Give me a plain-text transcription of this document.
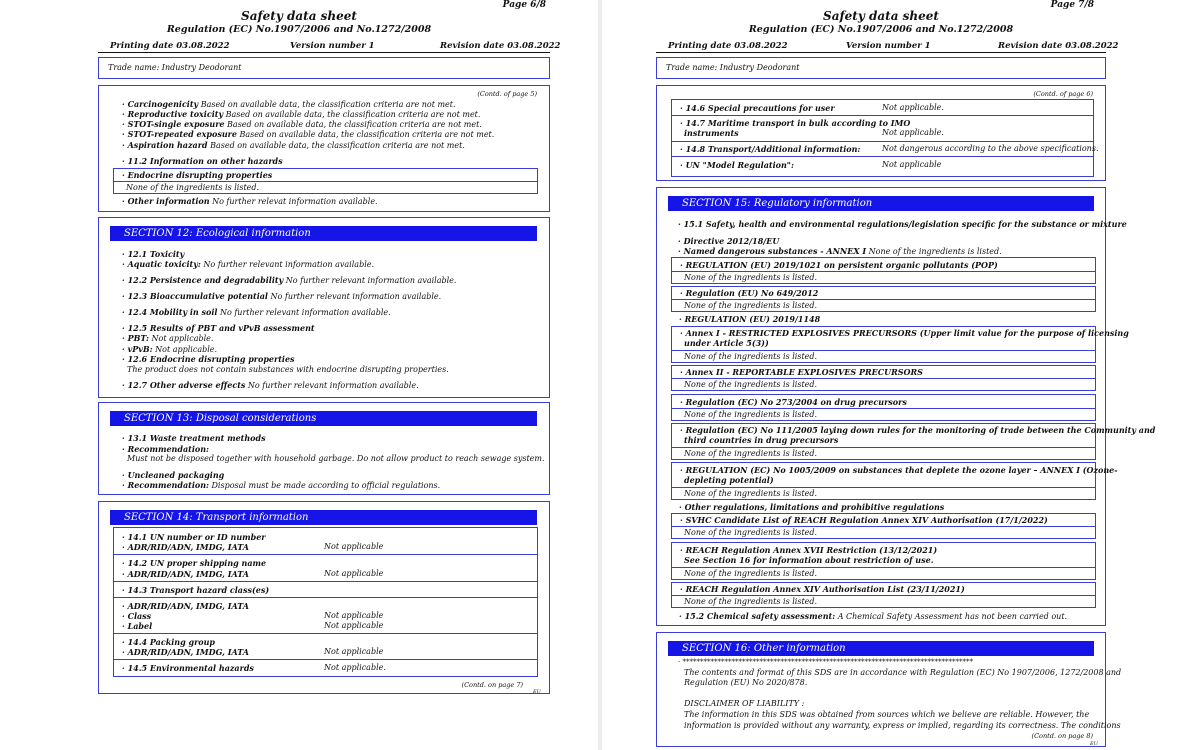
Page 6/8
Safety data sheet
Regulation (EC) No.1907/2006 and No.1272/2008
Printing date 03.08.2022	Version number 1	Revision date 03.08.2022
Trade name: Industry Deodorant
(Contd. of page 5)
· Carcinogenicity Based on available data, the classification criteria are not met.
· Reproductive toxicity Based on available data, the classification criteria are not met.
· STOT-single exposure Based on available data, the classification criteria are not met.
· STOT-repeated exposure Based on available data, the classification criteria are not met.
· Aspiration hazard Based on available data, the classification criteria are not met.
· 11.2 Information on other hazards
· Endocrine disrupting properties
None of the ingredients is listed.
· Other information No further relevat information available.
SECTION 12: Ecological information
· 12.1 Toxicity
· Aquatic toxicity: No further relevant information available.
· 12.2 Persistence and degradability No further relevant information available.
· 12.3 Bioaccumulative potential No further relevant information available.
· 12.4 Mobility in soil No further relevant information available.
· 12.5 Results of PBT and vPvB assessment
· PBT: Not applicable.
· vPvB: Not applicable.
· 12.6 Endocrine disrupting properties
The product does not contain substances with endocrine disrupting properties.
· 12.7 Other adverse effects No further relevant information available.
SECTION 13: Disposal considerations
· 13.1 Waste treatment methods
· Recommendation:
Must not be disposed together with household garbage. Do not allow product to reach sewage system.
· Uncleaned packaging
· Recommendation: Disposal must be made according to official regulations.
SECTION 14: Transport information
· 14.1 UN number or ID number
· ADR/RID/ADN, IMDG, IATA	Not applicable
· 14.2 UN proper shipping name
· ADR/RID/ADN, IMDG, IATA	Not applicable
· 14.3 Transport hazard class(es)
· ADR/RID/ADN, IMDG, IATA
· Class	Not applicable
· Label	Not applicable
· 14.4 Packing group
· ADR/RID/ADN, IMDG, IATA	Not applicable
· 14.5 Environmental hazards	Not applicable.
(Contd. on page 7)
EU
Page 7/8
Safety data sheet
Regulation (EC) No.1907/2006 and No.1272/2008
Printing date 03.08.2022	Version number 1	Revision date 03.08.2022
Trade name: Industry Deodorant
(Contd. of page 6)
· 14.6 Special precautions for user	Not applicable.
· 14.7 Maritime transport in bulk according to IMO
instruments	Not applicable.
· 14.8 Transport/Additional information:	Not dangerous according to the above specifications.
· UN "Model Regulation":	Not applicable
SECTION 15: Regulatory information
· 15.1 Safety, health and environmental regulations/legislation specific for the substance or mixture
· Directive 2012/18/EU
· Named dangerous substances - ANNEX I None of the ingredients is listed.
· REGULATION (EU) 2019/1021 on persistent organic pollutants (POP)
None of the ingredients is listed.
· Regulation (EU) No 649/2012
None of the ingredients is listed.
· REGULATION (EU) 2019/1148
· Annex I - RESTRICTED EXPLOSIVES PRECURSORS (Upper limit value for the purpose of licensing
under Article 5(3))
None of the ingredients is listed.
· Annex II - REPORTABLE EXPLOSIVES PRECURSORS
None of the ingredients is listed.
· Regulation (EC) No 273/2004 on drug precursors
None of the ingredients is listed.
· Regulation (EC) No 111/2005 laying down rules for the monitoring of trade between the Community and
third countries in drug precursors
None of the ingredients is listed.
· REGULATION (EC) No 1005/2009 on substances that deplete the ozone layer – ANNEX I (Ozone-
depleting potential)
None of the ingredients is listed.
· Other regulations, limitations and prohibitive regulations
· SVHC Candidate List of REACH Regulation Annex XIV Authorisation (17/1/2022)
None of the ingredients is listed.
· REACH Regulation Annex XVII Restriction (13/12/2021)
See Section 16 for information about restriction of use.
None of the ingredients is listed.
· REACH Regulation Annex XIV Authorisation List (23/11/2021)
None of the ingredients is listed.
· 15.2 Chemical safety assessment: A Chemical Safety Assessment has not been carried out.
SECTION 16: Other information
· ***********************************************************************************
The contents and format of this SDS are in accordance with Regulation (EC) No 1907/2006, 1272/2008 and
Regulation (EU) No 2020/878.
DISCLAIMER OF LIABILITY :
The information in this SDS was obtained from sources which we believe are reliable. However, the
information is provided without any warranty, express or implied, regarding its correctness. The conditions
(Contd. on page 8)
EU
